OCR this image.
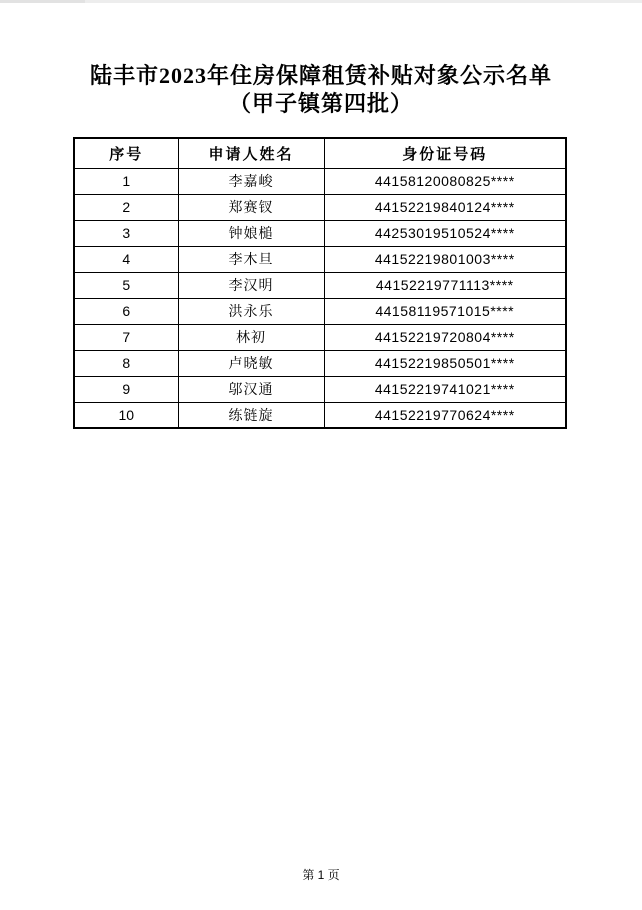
陆丰市2023年住房保障租赁补贴对象公示名单
（甲子镇第四批）
序号	申请人姓名	身份证号码
1	李嘉峻	44158120080825****
2	郑赛钗	44152219840124****
3	钟娘槌	44253019510524****
4	李木旦	44152219801003****
5	李汉明	44152219771113****
6	洪永乐	44158119571015****
7	林初	44152219720804****
8	卢晓敏	44152219850501****
9	邬汉通	44152219741021****
10	练链旋	44152219770624****
第 1 页
